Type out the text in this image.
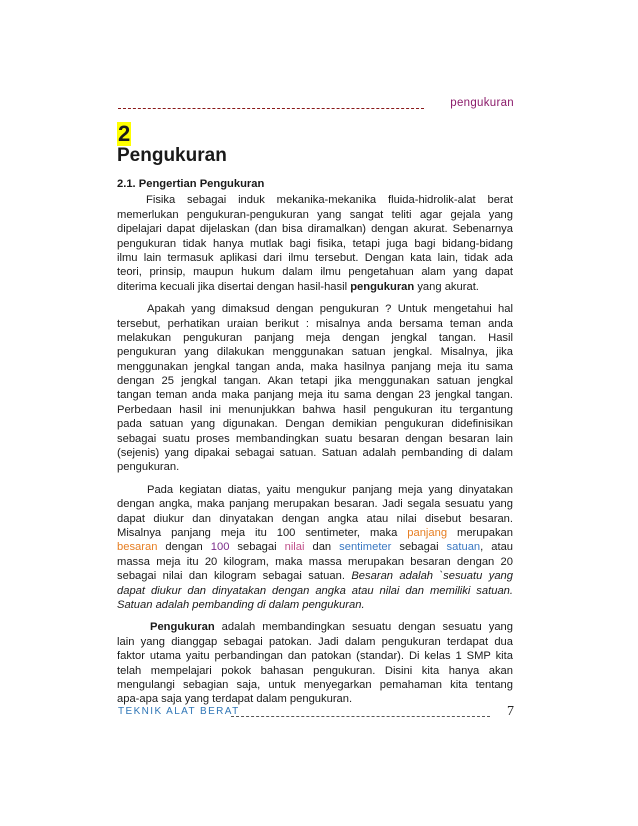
pengukuran
2
Pengukuran
2.1. Pengertian Pengukuran
Fisika sebagai induk mekanika-mekanika fluida-hidrolik-alat berat
memerlukan pengukuran-pengukuran yang sangat teliti agar gejala yang
dipelajari dapat dijelaskan (dan bisa diramalkan) dengan akurat. Sebenarnya
pengukuran tidak hanya mutlak bagi fisika, tetapi juga bagi bidang-bidang
ilmu lain termasuk aplikasi dari ilmu tersebut. Dengan kata lain, tidak ada
teori, prinsip, maupun hukum dalam ilmu pengetahuan alam yang dapat
diterima kecuali jika disertai dengan hasil-hasil pengukuran yang akurat.
Apakah yang dimaksud dengan pengukuran ? Untuk mengetahui hal
tersebut, perhatikan uraian berikut : misalnya anda bersama teman anda
melakukan pengukuran panjang meja dengan jengkal tangan. Hasil
pengukuran yang dilakukan menggunakan satuan jengkal. Misalnya, jika
menggunakan jengkal tangan anda, maka hasilnya panjang meja itu sama
dengan 25 jengkal tangan. Akan tetapi jika menggunakan satuan jengkal
tangan teman anda maka panjang meja itu sama dengan 23 jengkal tangan.
Perbedaan hasil ini menunjukkan bahwa hasil pengukuran itu tergantung
pada satuan yang digunakan. Dengan demikian pengukuran didefinisikan
sebagai suatu proses membandingkan suatu besaran dengan besaran lain
(sejenis) yang dipakai sebagai satuan. Satuan adalah pembanding di dalam
pengukuran.
Pada kegiatan diatas, yaitu mengukur panjang meja yang dinyatakan
dengan angka, maka panjang merupakan besaran. Jadi segala sesuatu yang
dapat diukur dan dinyatakan dengan angka atau nilai disebut besaran.
Misalnya panjang meja itu 100 sentimeter, maka panjang merupakan
besaran dengan 100 sebagai nilai dan sentimeter sebagai satuan, atau
massa meja itu 20 kilogram, maka massa merupakan besaran dengan 20
sebagai nilai dan kilogram sebagai satuan. Besaran adalah `sesuatu yang
dapat diukur dan dinyatakan dengan angka atau nilai dan memiliki satuan.
Satuan adalah pembanding di dalam pengukuran.
Pengukuran adalah membandingkan sesuatu dengan sesuatu yang
lain yang dianggap sebagai patokan. Jadi dalam pengukuran terdapat dua
faktor utama yaitu perbandingan dan patokan (standar). Di kelas 1 SMP kita
telah mempelajari pokok bahasan pengukuran. Disini kita hanya akan
mengulangi sebagian saja, untuk menyegarkan pemahaman kita tentang
apa-apa saja yang terdapat dalam pengukuran.
TEKNIK ALAT BERAT	7
